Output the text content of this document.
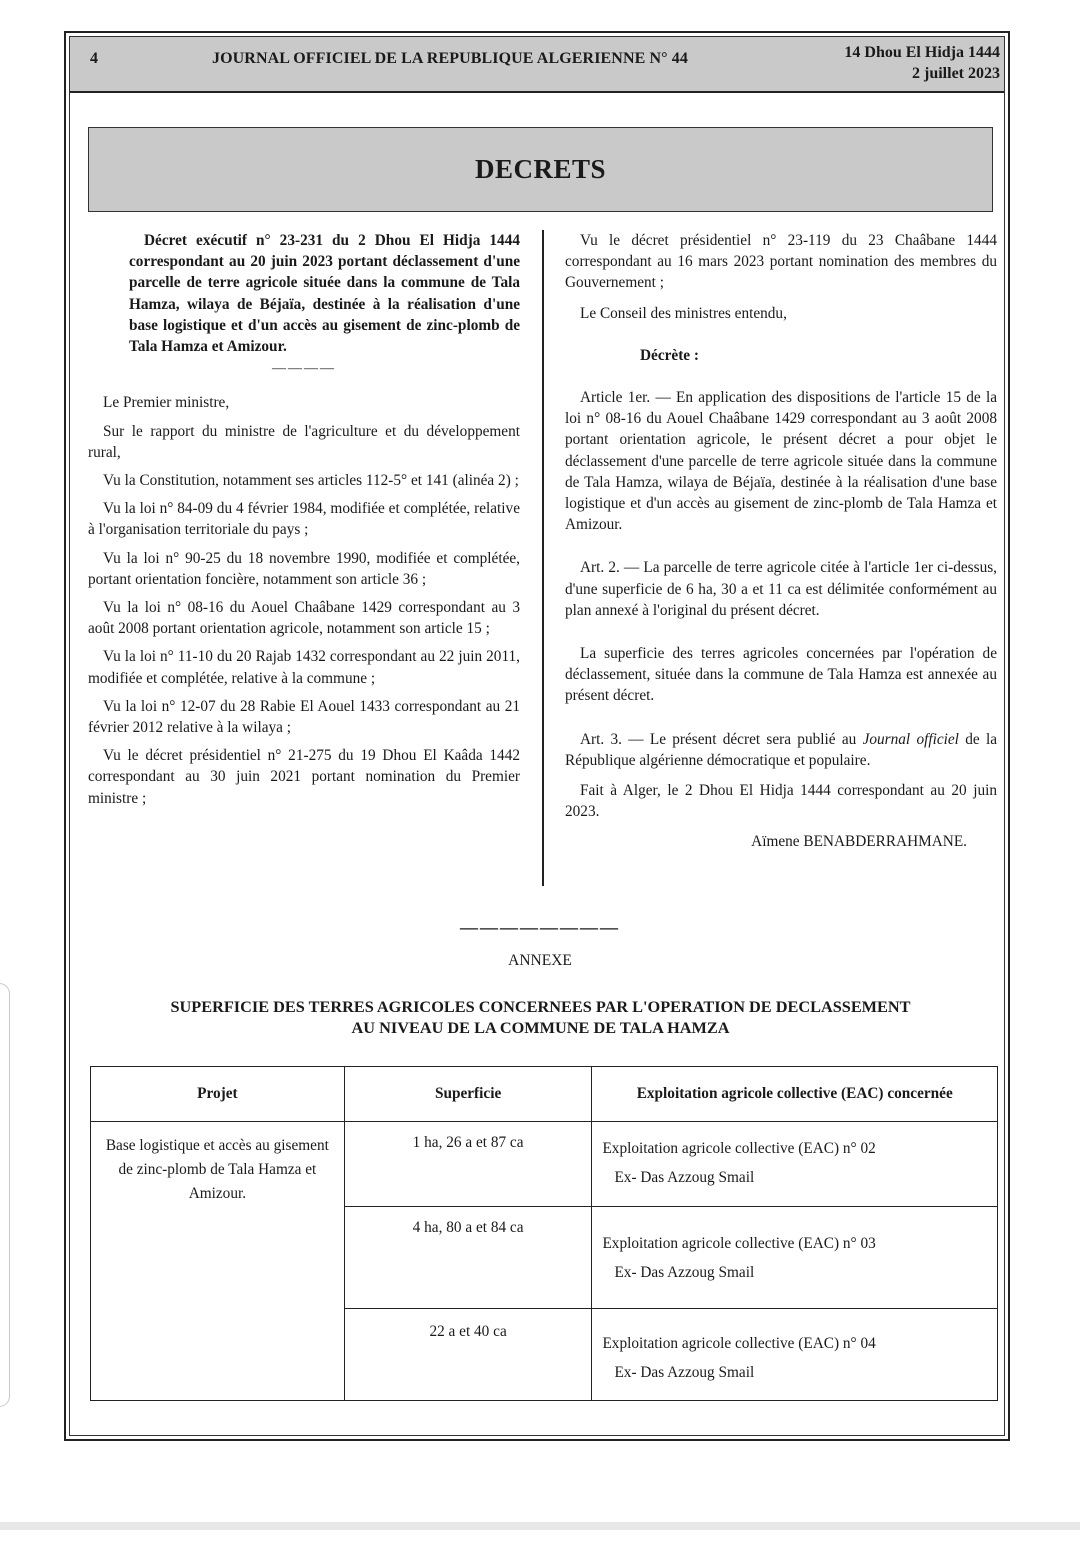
4	JOURNAL OFFICIEL DE LA REPUBLIQUE ALGERIENNE N° 44	14 Dhou El Hidja 1444
2 juillet 2023
DECRETS

Décret exécutif n° 23-231 du 2 Dhou El Hidja 1444 correspondant au 20 juin 2023 portant déclassement d'une parcelle de terre agricole située dans la commune de Tala Hamza, wilaya de Béjaïa, destinée à la réalisation d'une base logistique et d'un accès au gisement de zinc-plomb de Tala Hamza et Amizour.

————

Le Premier ministre,

Sur le rapport du ministre de l'agriculture et du développement rural,

Vu la Constitution, notamment ses articles 112-5° et 141 (alinéa 2) ;

Vu la loi n° 84-09 du 4 février 1984, modifiée et complétée, relative à l'organisation territoriale du pays ;

Vu la loi n° 90-25 du 18 novembre 1990, modifiée et complétée, portant orientation foncière, notamment son article 36 ;

Vu la loi n° 08-16 du Aouel Chaâbane 1429 correspondant au 3 août 2008 portant orientation agricole, notamment son article 15 ;

Vu la loi n° 11-10 du 20 Rajab 1432 correspondant au 22 juin 2011, modifiée et complétée, relative à la commune ;

Vu la loi n° 12-07 du 28 Rabie El Aouel 1433 correspondant au 21 février 2012 relative à la wilaya ;

Vu le décret présidentiel n° 21-275 du 19 Dhou El Kaâda 1442 correspondant au 30 juin 2021 portant nomination du Premier ministre ;

Vu le décret présidentiel n° 23-119 du 23 Chaâbane 1444 correspondant au 16 mars 2023 portant nomination des membres du Gouvernement ;

Le Conseil des ministres entendu,

Décrète :

Article 1er. — En application des dispositions de l'article 15 de la loi n° 08-16 du Aouel Chaâbane 1429 correspondant au 3 août 2008 portant orientation agricole, le présent décret a pour objet le déclassement d'une parcelle de terre agricole située dans la commune de Tala Hamza, wilaya de Béjaïa, destinée à la réalisation d'une base logistique et d'un accès au gisement de zinc-plomb de Tala Hamza et Amizour.

Art. 2. — La parcelle de terre agricole citée à l'article 1er ci-dessus, d'une superficie de 6 ha, 30 a et 11 ca est délimitée conformément au plan annexé à l'original du présent décret.

La superficie des terres agricoles concernées par l'opération de déclassement, située dans la commune de Tala Hamza est annexée au présent décret.

Art. 3. — Le présent décret sera publié au Journal officiel de la République algérienne démocratique et populaire.

Fait à Alger, le 2 Dhou El Hidja 1444 correspondant au 20 juin 2023.

Aïmene BENABDERRAHMANE.

————————
ANNEXE
SUPERFICIE DES TERRES AGRICOLES CONCERNEES PAR L'OPERATION DE DECLASSEMENT
AU NIVEAU DE LA COMMUNE DE TALA HAMZA
Projet	Superficie	Exploitation agricole collective (EAC) concernée
Base logistique et accès au gisement de zinc-plomb de Tala Hamza et Amizour.	1 ha, 26 a et 87 ca	Exploitation agricole collective (EAC) n° 02
Ex- Das Azzoug Smail

	4 ha, 80 a et 84 ca	Exploitation agricole collective (EAC) n° 03
Ex- Das Azzoug Smail

	22 a et 40 ca	Exploitation agricole collective (EAC) n° 04
Ex- Das Azzoug Smail
